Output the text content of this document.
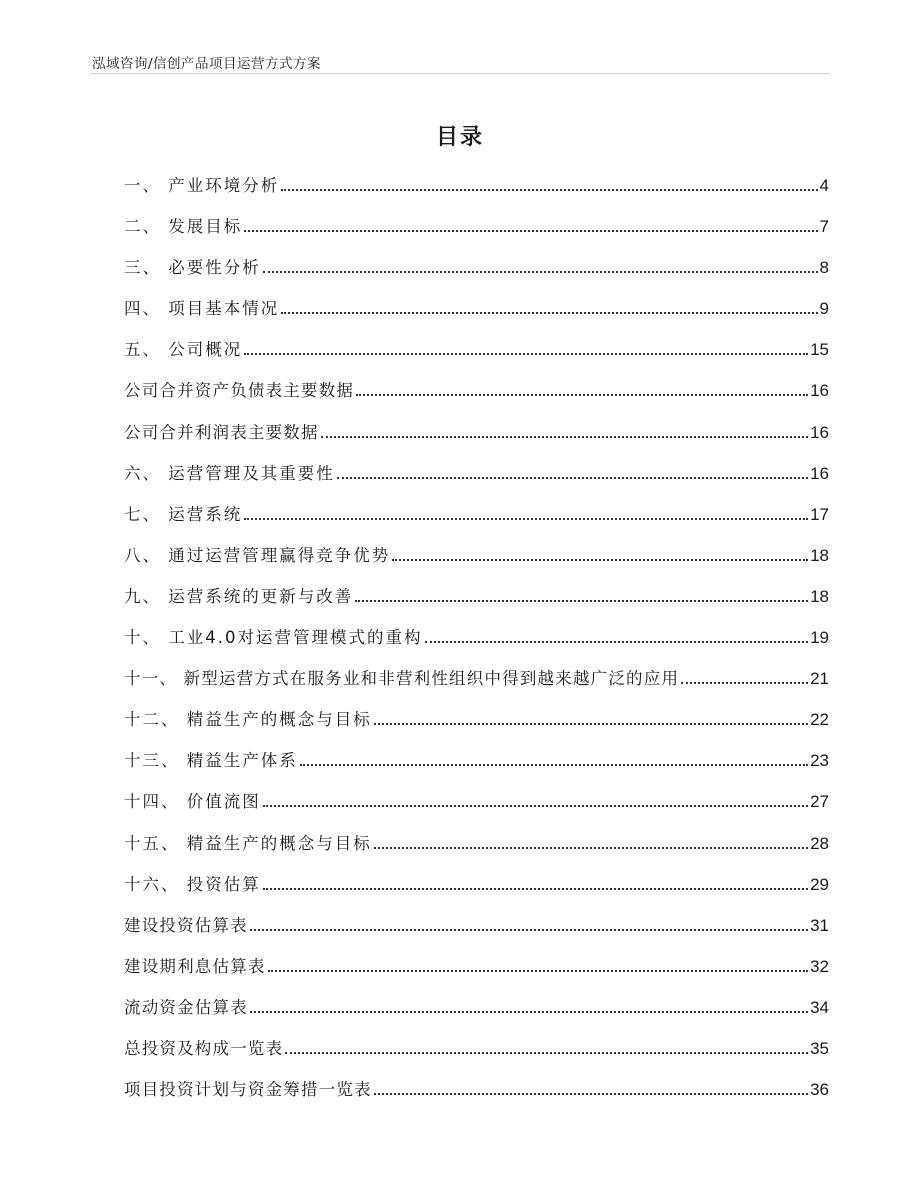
泓域咨询/信创产品项目运营方式方案
目录
一、 产业环境分析	4
二、 发展目标	7
三、 必要性分析	8
四、 项目基本情况	9
五、 公司概况	15
公司合并资产负债表主要数据	16
公司合并利润表主要数据	16
六、 运营管理及其重要性	16
七、 运营系统	17
八、 通过运营管理赢得竞争优势	18
九、 运营系统的更新与改善	18
十、 工业4.0对运营管理模式的重构	19
十一、 新型运营方式在服务业和非营利性组织中得到越来越广泛的应用	21
十二、 精益生产的概念与目标	22
十三、 精益生产体系	23
十四、 价值流图	27
十五、 精益生产的概念与目标	28
十六、 投资估算	29
建设投资估算表	31
建设期利息估算表	32
流动资金估算表	34
总投资及构成一览表	35
项目投资计划与资金筹措一览表	36
